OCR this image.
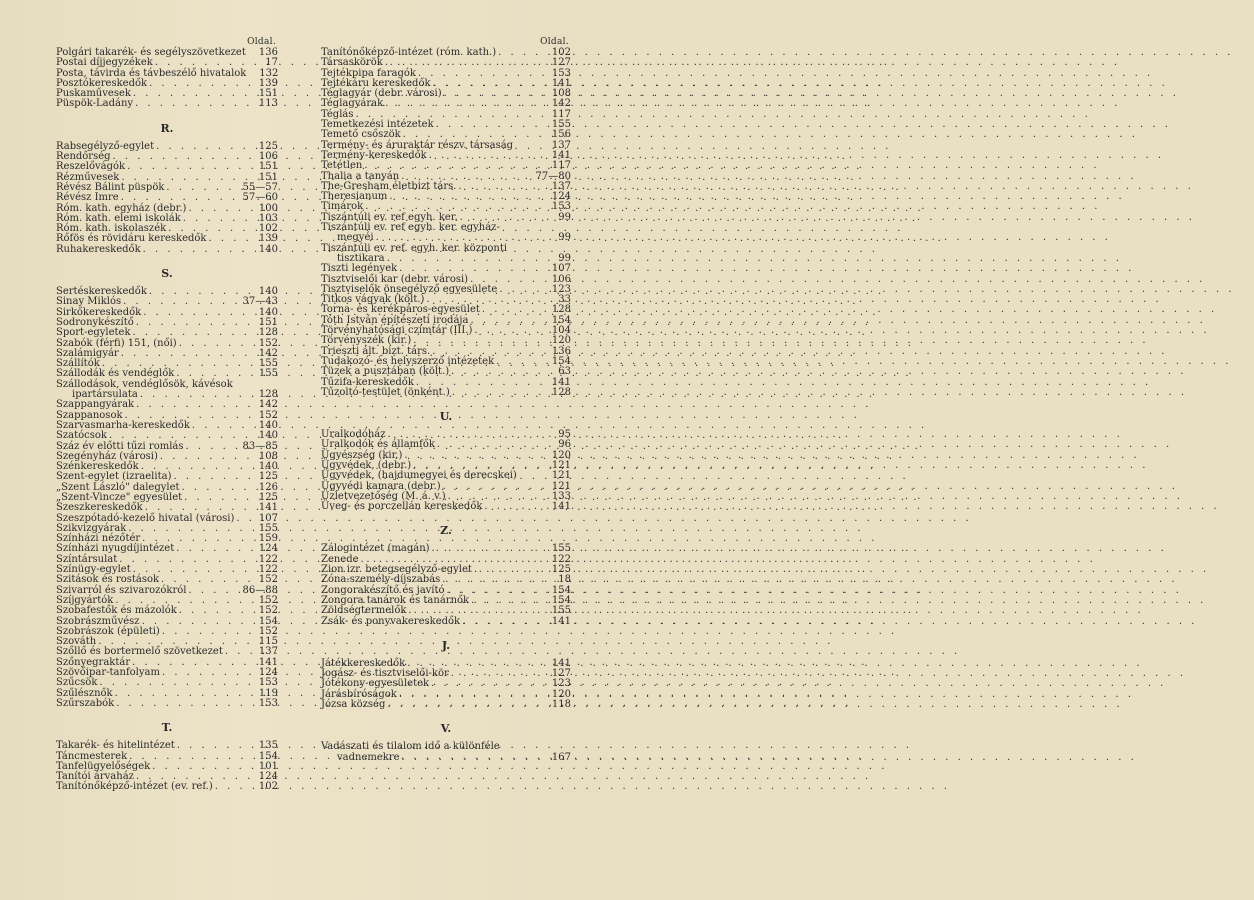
Oldal.
Polgári takarék- és segélyszövetkezet 136
Postai díjjegyzékek . . .	17
Posta, távirda és távbeszélő hivatalok 132
Posztókereskedők . . .	139
Puskaművesek . . .	151
Püspök-Ladány . . .	113
R.
Rabsegélyző-egylet . . .	125
Rendőrség . . .	106
Reszelővágók . . .	151
Rézművesek . . .	151
Révész Bálint püspök . . .	55—57
Révész Imre . . .	57—60
Róm. kath. egyház (debr.) . . .	100
Róm. kath. elemi iskolák . . .	103
Róm. kath. iskolaszék . . .	102
Rőfös és rövidáru kereskedők . . .	139
Ruhakereskedők . . .	140
S.
Sertéskereskedők . . .	140
Sinay Miklós . . .	37—43
Sirkőkereskedők . . .	140
Sodronykészítő . . .	151
Sport-egyletek . . .	128
Szabók (férfi) 151, (női) . . .	152
Szalámigyár . . .	142
Szállítók . . .	155
Szállodák és vendéglők . . .	155
Szállodások, vendéglősök, kávésok
ipartársulata . . .	128
Szappangyárak . . .	142
Szappanosok . . .	152
Szarvasmarha-kereskedők . . .	140
Szatócsok . . .	140
Száz év előtti tűzi romlás . . .	83—85
Szegényház (városi) . . .	108
Szénkereskedők . . .	140
Szent-egylet (izraelita) . . .	125
„Szent László" dalegylet . . .	126
„Szent-Vincze" egyesület . . .	125
Szeszkereskedők . . .	141
Szeszpótadó-kezelő hivatal (városi) . . . 107
Szikvizgyárak . . .	155
Színházi nézőtér . . .	159
Színházi nyugdíjintézet . . .	124
Színtársulat . . .	122
Színügy-egylet . . .	122
Szitások és rostások . . .	152
Szivarról és szivarozókról . . .	86—88
Szíjgyártók . . .	152
Szobafestők és mázolók . . .	152
Szobrászművész . . .	154
Szobrászok (épületi) . . .	152
Szováth . . .	115
Szőllő és bortermelő szövetkezet . . .	137
Szőnyegraktár . . .	141
Szövőipar-tanfolyam . . .	124
Szűcsök . . .	153
Szűlésznők . . .	119
Szűrszabók . . .	153
T.
Takarék- és hitelintézet . . .	135
Táncmesterek . . .	154
Tanfelügyelőségek . . .	101
Tanítói árvaház . . .	124
Tanítónőképző-intézet (ev. ref.) . . .	102
Oldal.
Tanítónőképző-intézet (róm. kath.) . . .	102
Társaskörök . . .	127
Tejtékpipa faragók . . .	153
Tejtékáru kereskedők . . .	141
Téglagyár (debr. városi) . . .	108
Téglagyárak . . .	142
Téglás . . .	117
Temetkezési intézetek . . .	155
Temető csőszök . . .	156
Termény- és áruraktár részv. társaság	137
Termény-kereskedők . . .	141
Tetétlen . . .	117
Thalia a tanyán . . .	77—80
The-Gresham életbizt társ. . . .	137
Theresianum . . .	124
Timárok . . .	153
Tiszántúli ev. ref egyh. ker. . . .	99
Tiszántúli ev. ref egyh. ker. egyház-
megyéi . . .	99
Tiszántúli ev. ref. egyh. ker. központi
tisztikara . . .	99
Tiszti legények . . .	107
Tisztviselői kar (debr. városi) . . .	106
Tisztviselők önsegélyző egyesülete . . .	123
Titkos vágyak (költ.) . . .	33
Torna- és kerékpáros-egyesület . . .	128
Tóth István építészeti irodája . . .	154
Törvényhatósági czímtár (III.) . . .	104
Törvényszék (kir.) . . .	120
Trieszti ált. bizt. társ. . . .	136
Tudakozó- és helyszerző intézetek . . .	154
Tüzek a pusztában (költ.) . . .	63
Tűzifa-kereskedők . . .	141
Tűzoltó-testület (önként.) . . .	128
U.
Uralkodóház . . .	95
Uralkodók és államfők . . .	96
Ügyészség (kir.) . . .	120
Ügyvédek, (debr.) . . .	121
Ügyvédek, (hajdumegyei és derecskei)	121
Ügyvédi kamara (debr.) . . .	121
Üzletvezetőség (M. á. v.) . . .	133
Üveg- és porczellán kereskedők . . .	141
Z.
Zálogintézet (magán) . . .	155
Zenede . . .	122
Zion izr. betegsegélyző-egylet . . .	125
Zóna-személy-díjszabás . . .	18
Zongorakészítő és javító . . .	154
Zongora tanárok és tanárnők . . .	154
Zöldségtermelők . . .	155
Zsák- és ponyvakereskedők . . .	141
J.
Játékkereskedők . . .	141
Jogász- és tisztviselői-kör . . .	127
Jótékony-egyesületek . . .	123
Járásbíróságok . . .	120
Józsa község . . .	118
V.
Vadászati és tilalom idő a különféle
vadnemekre . . .	167
